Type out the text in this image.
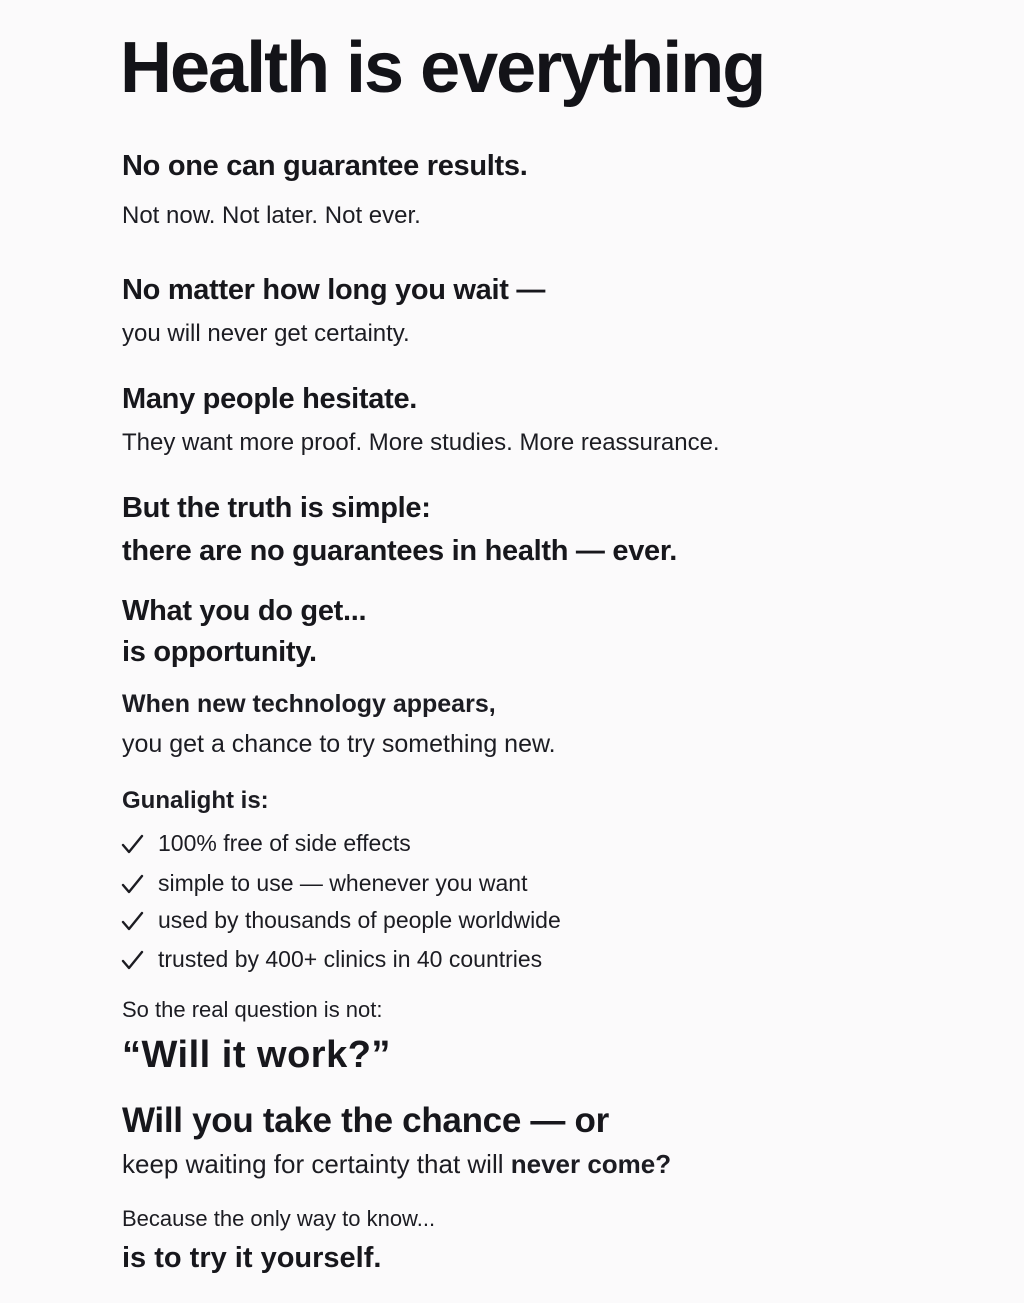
Health is everything
No one can guarantee results.
Not now. Not later. Not ever.
No matter how long you wait —
you will never get certainty.
Many people hesitate.
They want more proof. More studies. More reassurance.
But the truth is simple:
there are no guarantees in health — ever.
What you do get...
is opportunity.
When new technology appears,
you get a chance to try something new.
Gunalight is:
100% free of side effects
simple to use — whenever you want
used by thousands of people worldwide
trusted by 400+ clinics in 40 countries
So the real question is not:
“Will it work?”
Will you take the chance — or
keep waiting for certainty that will never come?
Because the only way to know...
is to try it yourself.
